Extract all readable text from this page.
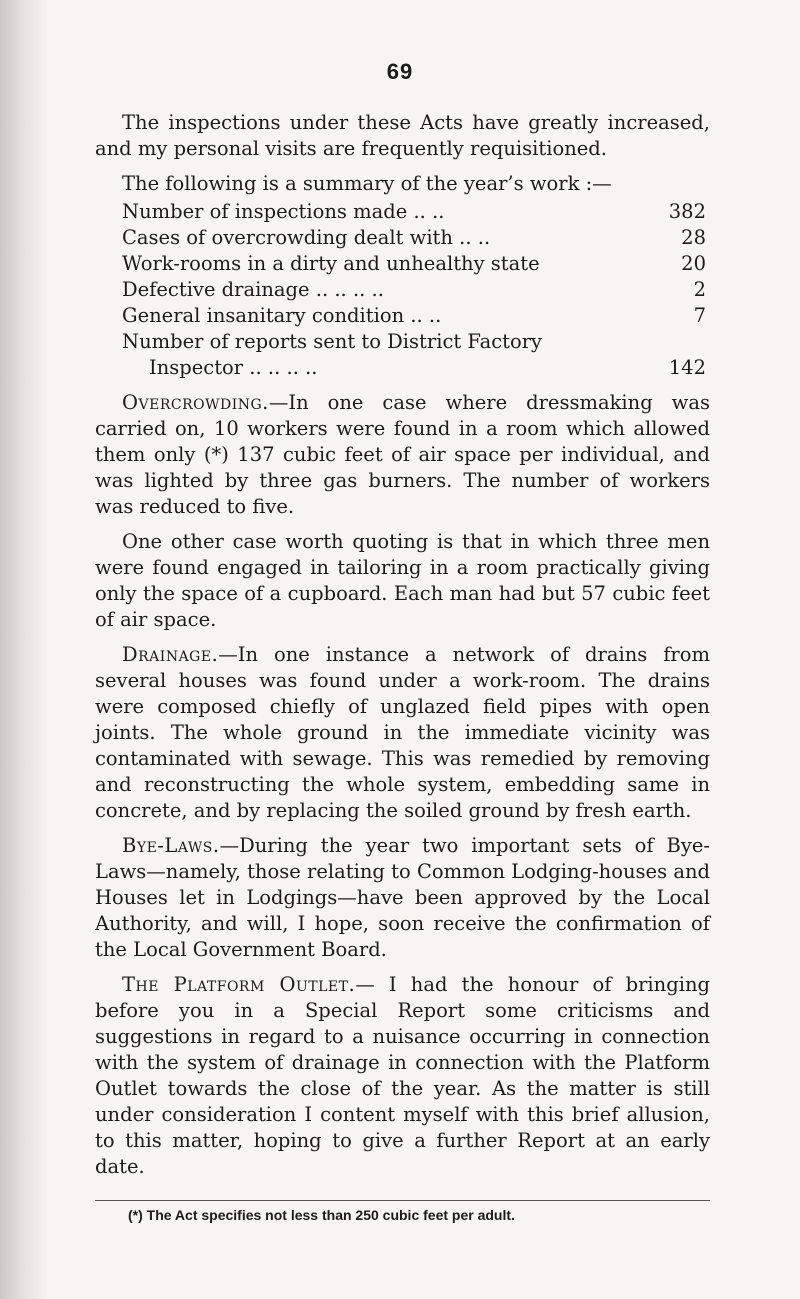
69

The inspections under these Acts have greatly increased, and my personal visits are frequently requisitioned.

The following is a summary of the year’s work :—

Number of inspections made .. ..	382
Cases of overcrowding dealt with .. ..	28
Work-rooms in a dirty and unhealthy state	20
Defective drainage .. .. .. ..	2
General insanitary condition .. ..	7
Number of reports sent to District Factory
Inspector .. .. .. ..	142

Overcrowding.—In one case where dressmaking was carried on, 10 workers were found in a room which allowed them only (*) 137 cubic feet of air space per individual, and was lighted by three gas burners. The number of workers was reduced to five.

One other case worth quoting is that in which three men were found engaged in tailoring in a room practically giving only the space of a cupboard. Each man had but 57 cubic feet of air space.

Drainage.—In one instance a network of drains from several houses was found under a work-room. The drains were composed chiefly of unglazed field pipes with open joints. The whole ground in the immediate vicinity was contaminated with sewage. This was remedied by removing and reconstructing the whole system, embedding same in concrete, and by replacing the soiled ground by fresh earth.

Bye-Laws.—During the year two important sets of Bye-Laws—namely, those relating to Common Lodging-houses and Houses let in Lodgings—have been approved by the Local Authority, and will, I hope, soon receive the confirmation of the Local Government Board.

The Platform Outlet.— I had the honour of bringing before you in a Special Report some criticisms and suggestions in regard to a nuisance occurring in connection with the system of drainage in connection with the Platform Outlet towards the close of the year. As the matter is still under consideration I content myself with this brief allusion, to this matter, hoping to give a further Report at an early date.

(*) The Act specifies not less than 250 cubic feet per adult.
